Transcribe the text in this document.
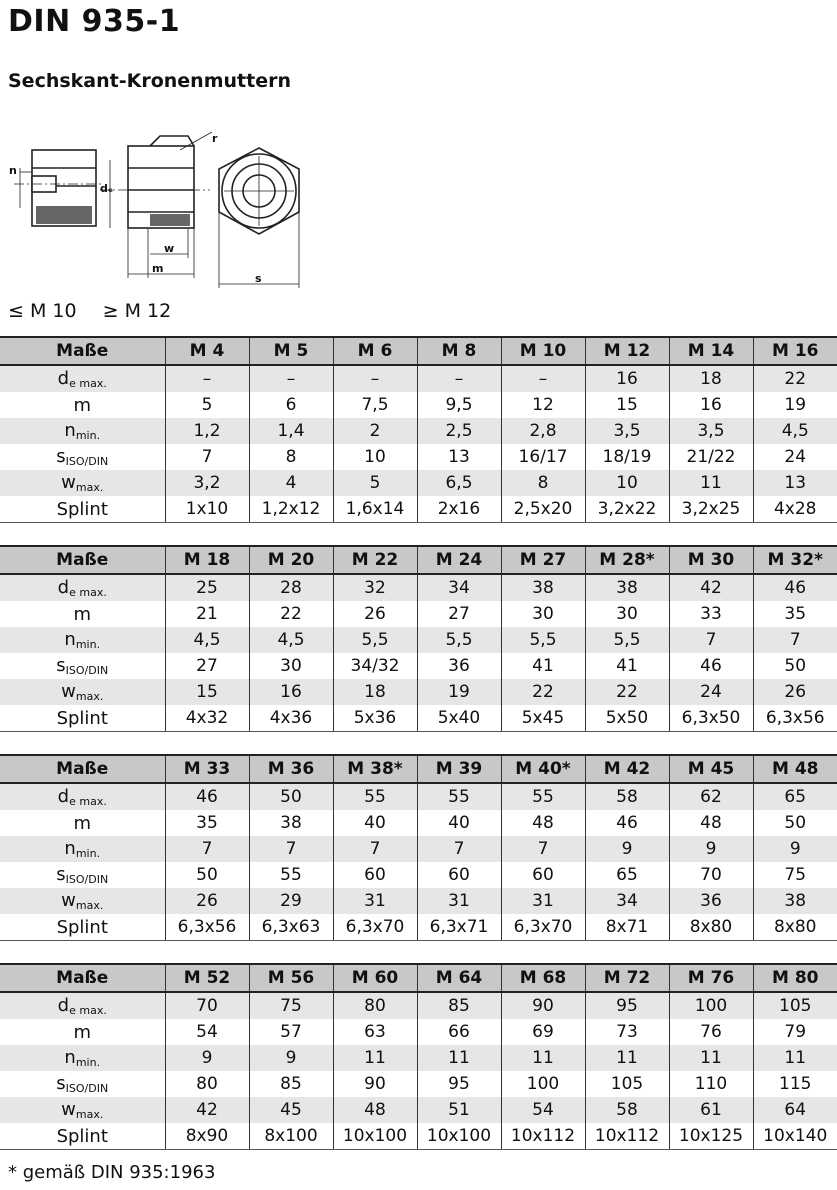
DIN 935-1
Sechskant-Kronenmuttern
n
dₑ
r
w
m
s
≤ M 10 ≥ M 12
Maße	M 4	M 5	M 6	M 8	M 10	M 12	M 14	M 16
$d_{e max.}$	–	–	–	–	–	16	18	22
m	5	6	7,5	9,5	12	15	16	19
$n_{min.}$	1,2	1,4	2	2,5	2,8	3,5	3,5	4,5
$s_{ISO/DIN}$	7	8	10	13	16/17	18/19	21/22	24
$w_{max.}$	3,2	4	5	6,5	8	10	11	13
Splint	1x10	1,2x12	1,6x14	2x16	2,5x20	3,2x22	3,2x25	4x28
Maße	M 18	M 20	M 22	M 24	M 27	M 28*	M 30	M 32*
$d_{e max.}$	25	28	32	34	38	38	42	46
m	21	22	26	27	30	30	33	35
$n_{min.}$	4,5	4,5	5,5	5,5	5,5	5,5	7	7
$s_{ISO/DIN}$	27	30	34/32	36	41	41	46	50
$w_{max.}$	15	16	18	19	22	22	24	26
Splint	4x32	4x36	5x36	5x40	5x45	5x50	6,3x50	6,3x56
Maße	M 33	M 36	M 38*	M 39	M 40*	M 42	M 45	M 48
$d_{e max.}$	46	50	55	55	55	58	62	65
m	35	38	40	40	48	46	48	50
$n_{min.}$	7	7	7	7	7	9	9	9
$s_{ISO/DIN}$	50	55	60	60	60	65	70	75
$w_{max.}$	26	29	31	31	31	34	36	38
Splint	6,3x56	6,3x63	6,3x70	6,3x71	6,3x70	8x71	8x80	8x80
Maße	M 52	M 56	M 60	M 64	M 68	M 72	M 76	M 80
$d_{e max.}$	70	75	80	85	90	95	100	105
m	54	57	63	66	69	73	76	79
$n_{min.}$	9	9	11	11	11	11	11	11
$s_{ISO/DIN}$	80	85	90	95	100	105	110	115
$w_{max.}$	42	45	48	51	54	58	61	64
Splint	8x90	8x100	10x100	10x100	10x112	10x112	10x125	10x140
* gemäß DIN 935:1963
